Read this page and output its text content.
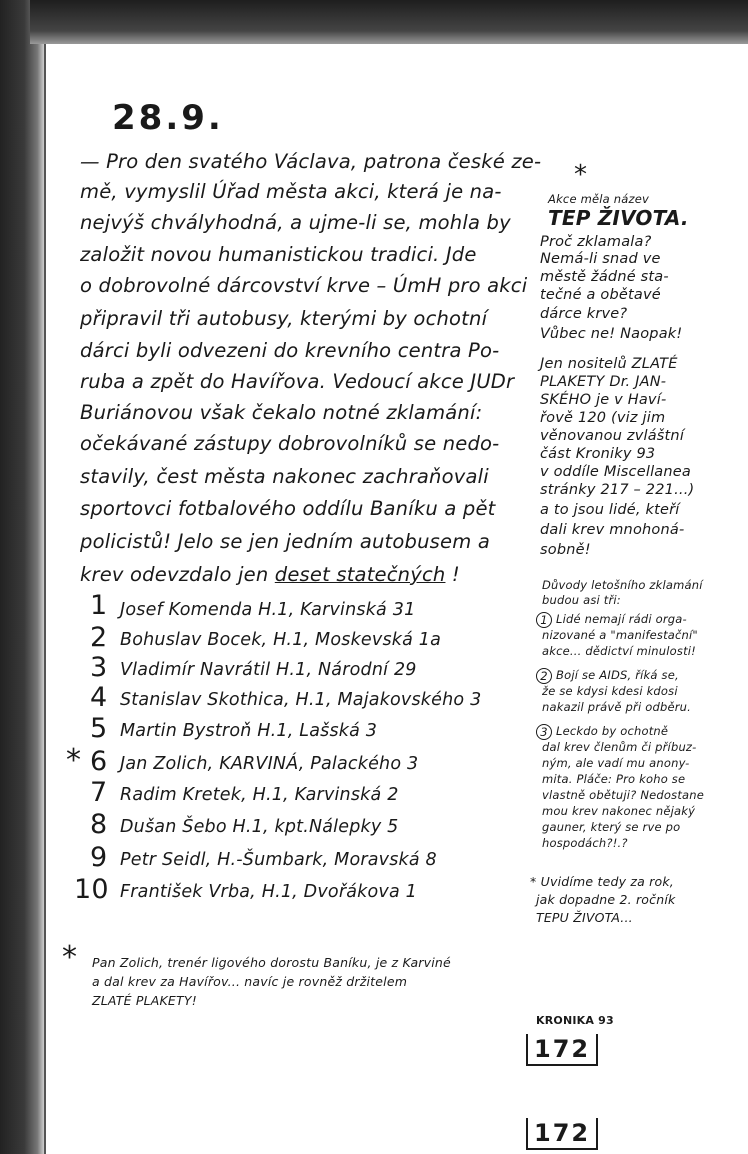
28.9.
— Pro den svatého Václava, patrona české ze-
mě, vymyslil Úřad města akci, která je na-
nejvýš chvályhodná, a ujme-li se, mohla by
založit novou humanistickou tradici. Jde
o dobrovolné dárcovství krve – ÚmH pro akci
připravil tři autobusy, kterými by ochotní
dárci byli odvezeni do krevního centra Po-
ruba a zpět do Havířova. Vedoucí akce JUDr
Buriánovou však čekalo notné zklamání:
očekávané zástupy dobrovolníků se nedo-
stavily, čest města nakonec zachraňovali
sportovci fotbalového oddílu Baníku a pět
policistů! Jelo se jen jedním autobusem a
krev odevzdalo jen deset statečných !
1 Josef Komenda H.1, Karvinská 31
2 Bohuslav Bocek, H.1, Moskevská 1a
3 Vladimír Navrátil H.1, Národní 29
4 Stanislav Skothica, H.1, Majakovského 3
5 Martin Bystroň H.1, Lašská 3
* 6 Jan Zolich, KARVINÁ, Palackého 3
7 Radim Kretek, H.1, Karvinská 2
8 Dušan Šebo H.1, kpt.Nálepky 5
9 Petr Seidl, H.-Šumbark, Moravská 8
10 František Vrba, H.1, Dvořákova 1
* Pan Zolich, trenér ligového dorostu Baníku, je z Karviné
a dal krev za Havířov... navíc je rovněž držitelem
ZLATÉ PLAKETY!
*
Akce měla název
TEP ŽIVOTA.
Proč zklamala?
Nemá-li snad ve
městě žádné sta-
tečné a obětavé
dárce krve?
Vůbec ne! Naopak!
Jen nositelů ZLATÉ
PLAKETY Dr. JAN-
SKÉHO je v Haví-
řově 120 (viz jim
věnovanou zvláštní
část Kroniky 93
v oddíle Miscellanea
stránky 217 – 221...)
a to jsou lidé, kteří
dali krev mnohoná-
sobně!
Důvody letošního zklamání
budou asi tři:
1 Lidé nemají rádi orga-
nizované a "manifestační"
akce... dědictví minulosti!
2 Bojí se AIDS, říká se,
že se kdysi kdesi kdosi
nakazil právě při odběru.
3 Leckdo by ochotně
dal krev členům či příbuz-
ným, ale vadí mu anony-
mita. Pláče: Pro koho se
vlastně obětuji? Nedostane
mou krev nakonec nějaký
gauner, který se rve po
hospodách?!.?
* Uvidíme tedy za rok,
jak dopadne 2. ročník
TEPU ŽIVOTA...
KRONIKA 93
172
172
